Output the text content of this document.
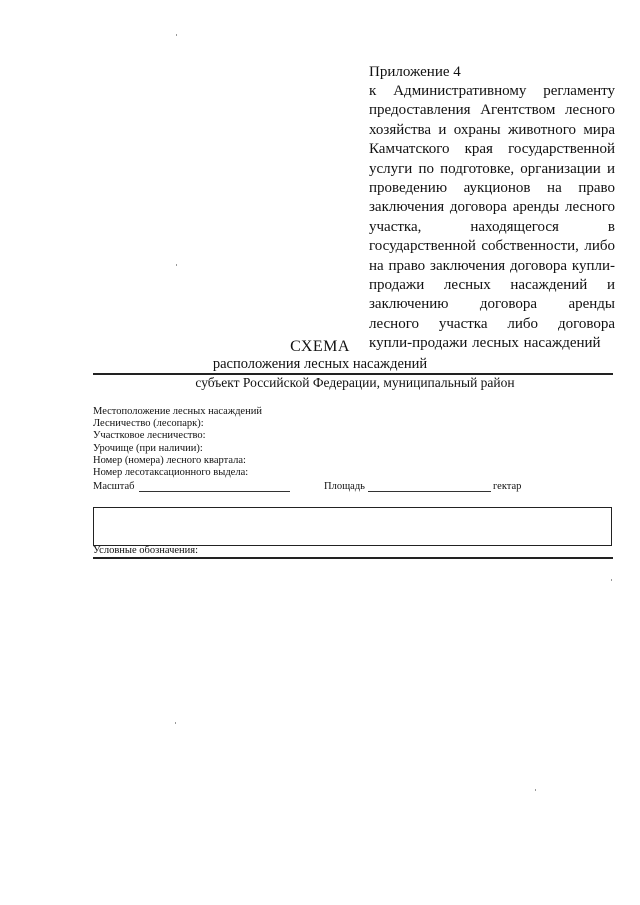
Приложение 4
к Административному регламенту предоставления Агентством лесного хозяйства и охраны животного мира Камчатского края государственной услуги по подготовке, организации и проведению аукционов на право заключения договора аренды лесного участка, находящегося в государственной собственности, либо на право заключения договора купли-продажи лесных насаждений и заключению договора аренды лесного участка либо договора купли-продажи лесных насаждений
СХЕМА
расположения лесных насаждений
субъект Российской Федерации, муниципальный район
Местоположение лесных насаждений
Лесничество (лесопарк):
Участковое лесничество:
Урочище (при наличии):
Номер (номера) лесного квартала:
Номер лесотаксационного выдела:
Масштаб	Площадь	гектар
Условные обозначения:
